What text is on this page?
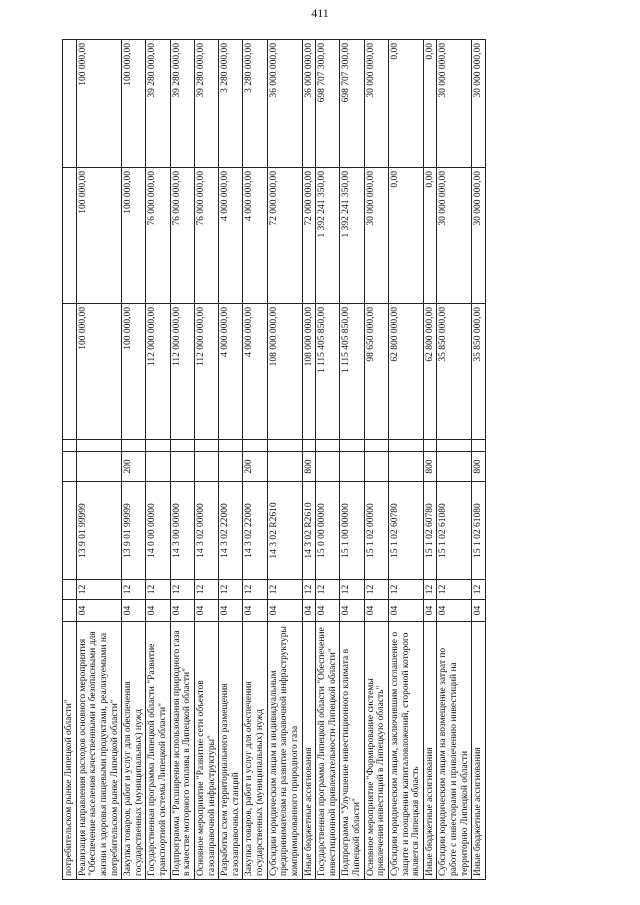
411
потребительском рынке Липецкой области"								
Реализация направления расходов основного мероприятия "Обеспечение населения качественными и безопасными для жизни и здоровья пищевыми продуктами, реализуемыми на потребительском рынке Липецкой области"	04	12	13 9 01 99999			100 000,00	100 000,00	100 000,00
Закупка товаров, работ и услуг для обеспечения государственных (муниципальных) нужд	04	12	13 9 01 99999	200		100 000,00	100 000,00	100 000,00
Государственная программа Липецкой области "Развитие транспортной системы Липецкой области"	04	12	14 0 00 00000			112 000 000,00	76 000 000,00	39 280 000,00
Подпрограмма "Расширение использования природного газа в качестве моторного топлива в Липецкой области"	04	12	14 3 00 00000			112 000 000,00	76 000 000,00	39 280 000,00
Основное мероприятие "Развитие сети объектов газозаправочной инфраструктуры"	04	12	14 3 02 00000			112 000 000,00	76 000 000,00	39 280 000,00
Разработка схем территориального размещения газозаправочных станций	04	12	14 3 02 22000			4 000 000,00	4 000 000,00	3 280 000,00
Закупка товаров, работ и услуг для обеспечения государственных (муниципальных) нужд	04	12	14 3 02 22000	200		4 000 000,00	4 000 000,00	3 280 000,00
Субсидии юридическим лицам и индивидуальным предпринимателям на развитие заправочной инфраструктуры компримированного природного газа	04	12	14 3 02 R2610			108 000 000,00	72 000 000,00	36 000 000,00
Иные бюджетные ассигнования	04	12	14 3 02 R2610	800		108 000 000,00	72 000 000,00	36 000 000,00
Государственная программа Липецкой области "Обеспечение инвестиционной привлекательности Липецкой области"	04	12	15 0 00 00000			1 115 405 850,00	1 392 241 350,00	698 707 300,00
Подпрограмма "Улучшение инвестиционного климата в Липецкой области"	04	12	15 1 00 00000			1 115 405 850,00	1 392 241 350,00	698 707 300,00
Основное мероприятие "Формирование системы привлечения инвестиций в Липецкую область"	04	12	15 1 02 00000			98 650 000,00	30 000 000,00	30 000 000,00
Субсидии юридическим лицам, заключившим соглашение о защите и поощрении капиталовложений, стороной которого является Липецкая область	04	12	15 1 02 60780			62 800 000,00	0,00	0,00
Иные бюджетные ассигнования	04	12	15 1 02 60780	800		62 800 000,00	0,00	0,00
Субсидии юридическим лицам на возмещение затрат по работе с инвесторами и привлечению инвестиций на территорию Липецкой области	04	12	15 1 02 61080			35 850 000,00	30 000 000,00	30 000 000,00
Иные бюджетные ассигнования	04	12	15 1 02 61080	800		35 850 000,00	30 000 000,00	30 000 000,00
